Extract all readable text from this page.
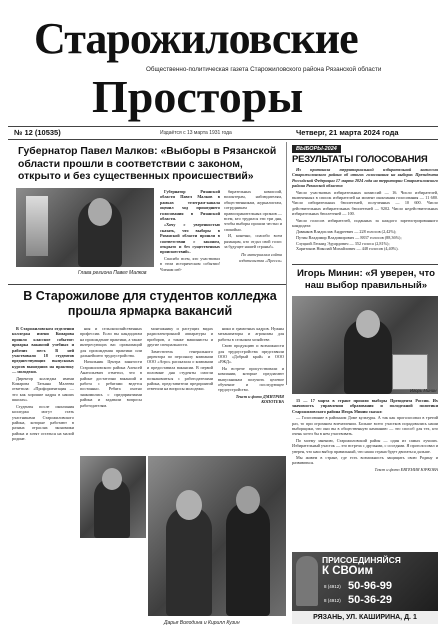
Старожиловские
Общественно-политическая газета Старожиловского района Рязанской области
Просторы
№ 12 (10535)	Издаётся с 13 марта 1931 года	Четверг, 21 марта 2024 года
Губернатор Павел Малков: «Выборы в Рязанской области прошли в соответствии с законом, открыто и без существенных происшествий»
Глава региона Павел Малков

Губернатор Рязанской области Павел Малков в рамках телеграм-канала оценил ход прошедшего голосования в Рязанской области.

«Хочу с уверенностью сказать, что выборы в Рязанской области прошли в соответствии с законом, открыто и без существенных происшествий».

Спасибо всем, кто участвовал в этом историческом событии! Членам изб-

бирательных комиссий, волонтерам, наблюдателям, общественникам, журналистам, сотрудникам правоохранительных органов — всем, кто трудился эти три дня, чтобы выборы прошли честно и спокойно.

И, конечно, спасибо всем рязанцам, кто отдал свой голос за будущее нашей страны!».

По материалам сайта издательства «Пресса»

ВЫБОРЫ-2024
РЕЗУЛЬТАТЫ ГОЛОСОВАНИЯ

Из протокола территориальной избирательной комиссии Старожиловского района об итогах голосования на выборах Президента Российской Федерации 17 марта 2024 года на территории Старожиловского района Рязанской области:

Число участковых избирательных комиссий — 16. Число избирателей, включенных в список избирателей на момент окончания голосования — 11 680. Число избирательных бюллетеней, полученных — 10 600. Число действительных избирательных бюллетеней — 9202. Число недействительных избирательных бюллетеней — 100.

Число голосов избирателей, поданных за каждого зарегистрированного кандидата:

Даванков Владислав Андреевич — 228 голосов (2,42%);
Путин Владимир Владимирович — 8837 голосов (88,36%);
Слуцкий Леонид Эдуардович — 352 голоса (2,81%);
Харитонов Николай Михайлович — 448 голосов (4,40%).
Игорь Минин: «Я уверен, что наш выбор правильный»
Игорь Минин

15 — 17 марта в стране прошли выборы Президента России. Их значимость управления образования и молодежной политики Старожиловского района Игорь Минин сказал:

— Голосование в районном Доме культуры. А так как проголосовал в третий раз, то при огромном впечатлении. Больше всего участков порадовались наши выборщики, что они вы в общественную кампанию — это способ для тех, кто очень хотел бы в нем участвовать.

По моему мнению, Старожиловский район — один из самых лучших. Избирательный участок — это встреча с друзьями, с соседями. Я проголосовал и уверен, что наш выбор правильный, что наша страна будет двигаться дальше.

Мы живем в стране, где есть возможность защищать свою Родину и развиваться.

Текст и фото ЕВГЕНИЯ ЮРКОВА

В Старожилове для студентов колледжа прошла ярмарка вакансий

В Старожиловском отделении колледжа имени Комарова прошло классное событие: ярмарка вакансий учебных и рабочих мест. В ней участвовали 18 студентов предшествующих выпускных курсов вышедших на практику — молодежи.

Директор колледжа имени Комарова Татьяна Малеева отметила: «Профориентация — это как хорошие кадры в наших школах».

Студенты после окончания колледжа могут стать участниками Старожиловского района, которые работают в разных отраслях экономики района и хотят остаться на малой родине.

ния и сельскохозяйственных профессии. Если вы кандидатам на прохождение практики, а также интересующих вас организаций для прохождения практики или дальнейшего трудоустройства.

Начальник Центра занятости Старожиловского района Алексей Анатольевич отметил, что в районе достаточно вакансий и работа с ребятами ведется постоянно. Ребята охотно знакомились с предприятиями района и задавали вопросы работодателям.

монтажнику и растущих видах радиоэлектронной аппаратуры и приборов, а также машинисты и другие специальности.

Заместитель генерального директора по персоналу компании ООО «Агро» рассказала о компании и предоставила вакансии. В первой половине дня студенты смогли познакомиться с работодателями района, представители предприятий ответили на вопросы молодежи.

ники и грамотных кадров. Нужны механизаторы и агрономы для работы в сельском хозяйстве.

Свою продукцию и возможности для трудоустройства представили ООО «Добрый край» и ООО «РЖД».

На встрече присутствовали и компании, которые предлагают выпускникам получить целевое обучение и последующее трудоустройство.

Текст и фото ДМИТРИЯ КОПОТЕВА

Дарья Володина и Кирилл Кузин
ПРИСОЕДИНЯЙСЯ
К СВОим
8 (4912) 50-96-99
8 (4912) 50-36-29
РЯЗАНЬ, УЛ. КАШИРИНА, Д. 1
